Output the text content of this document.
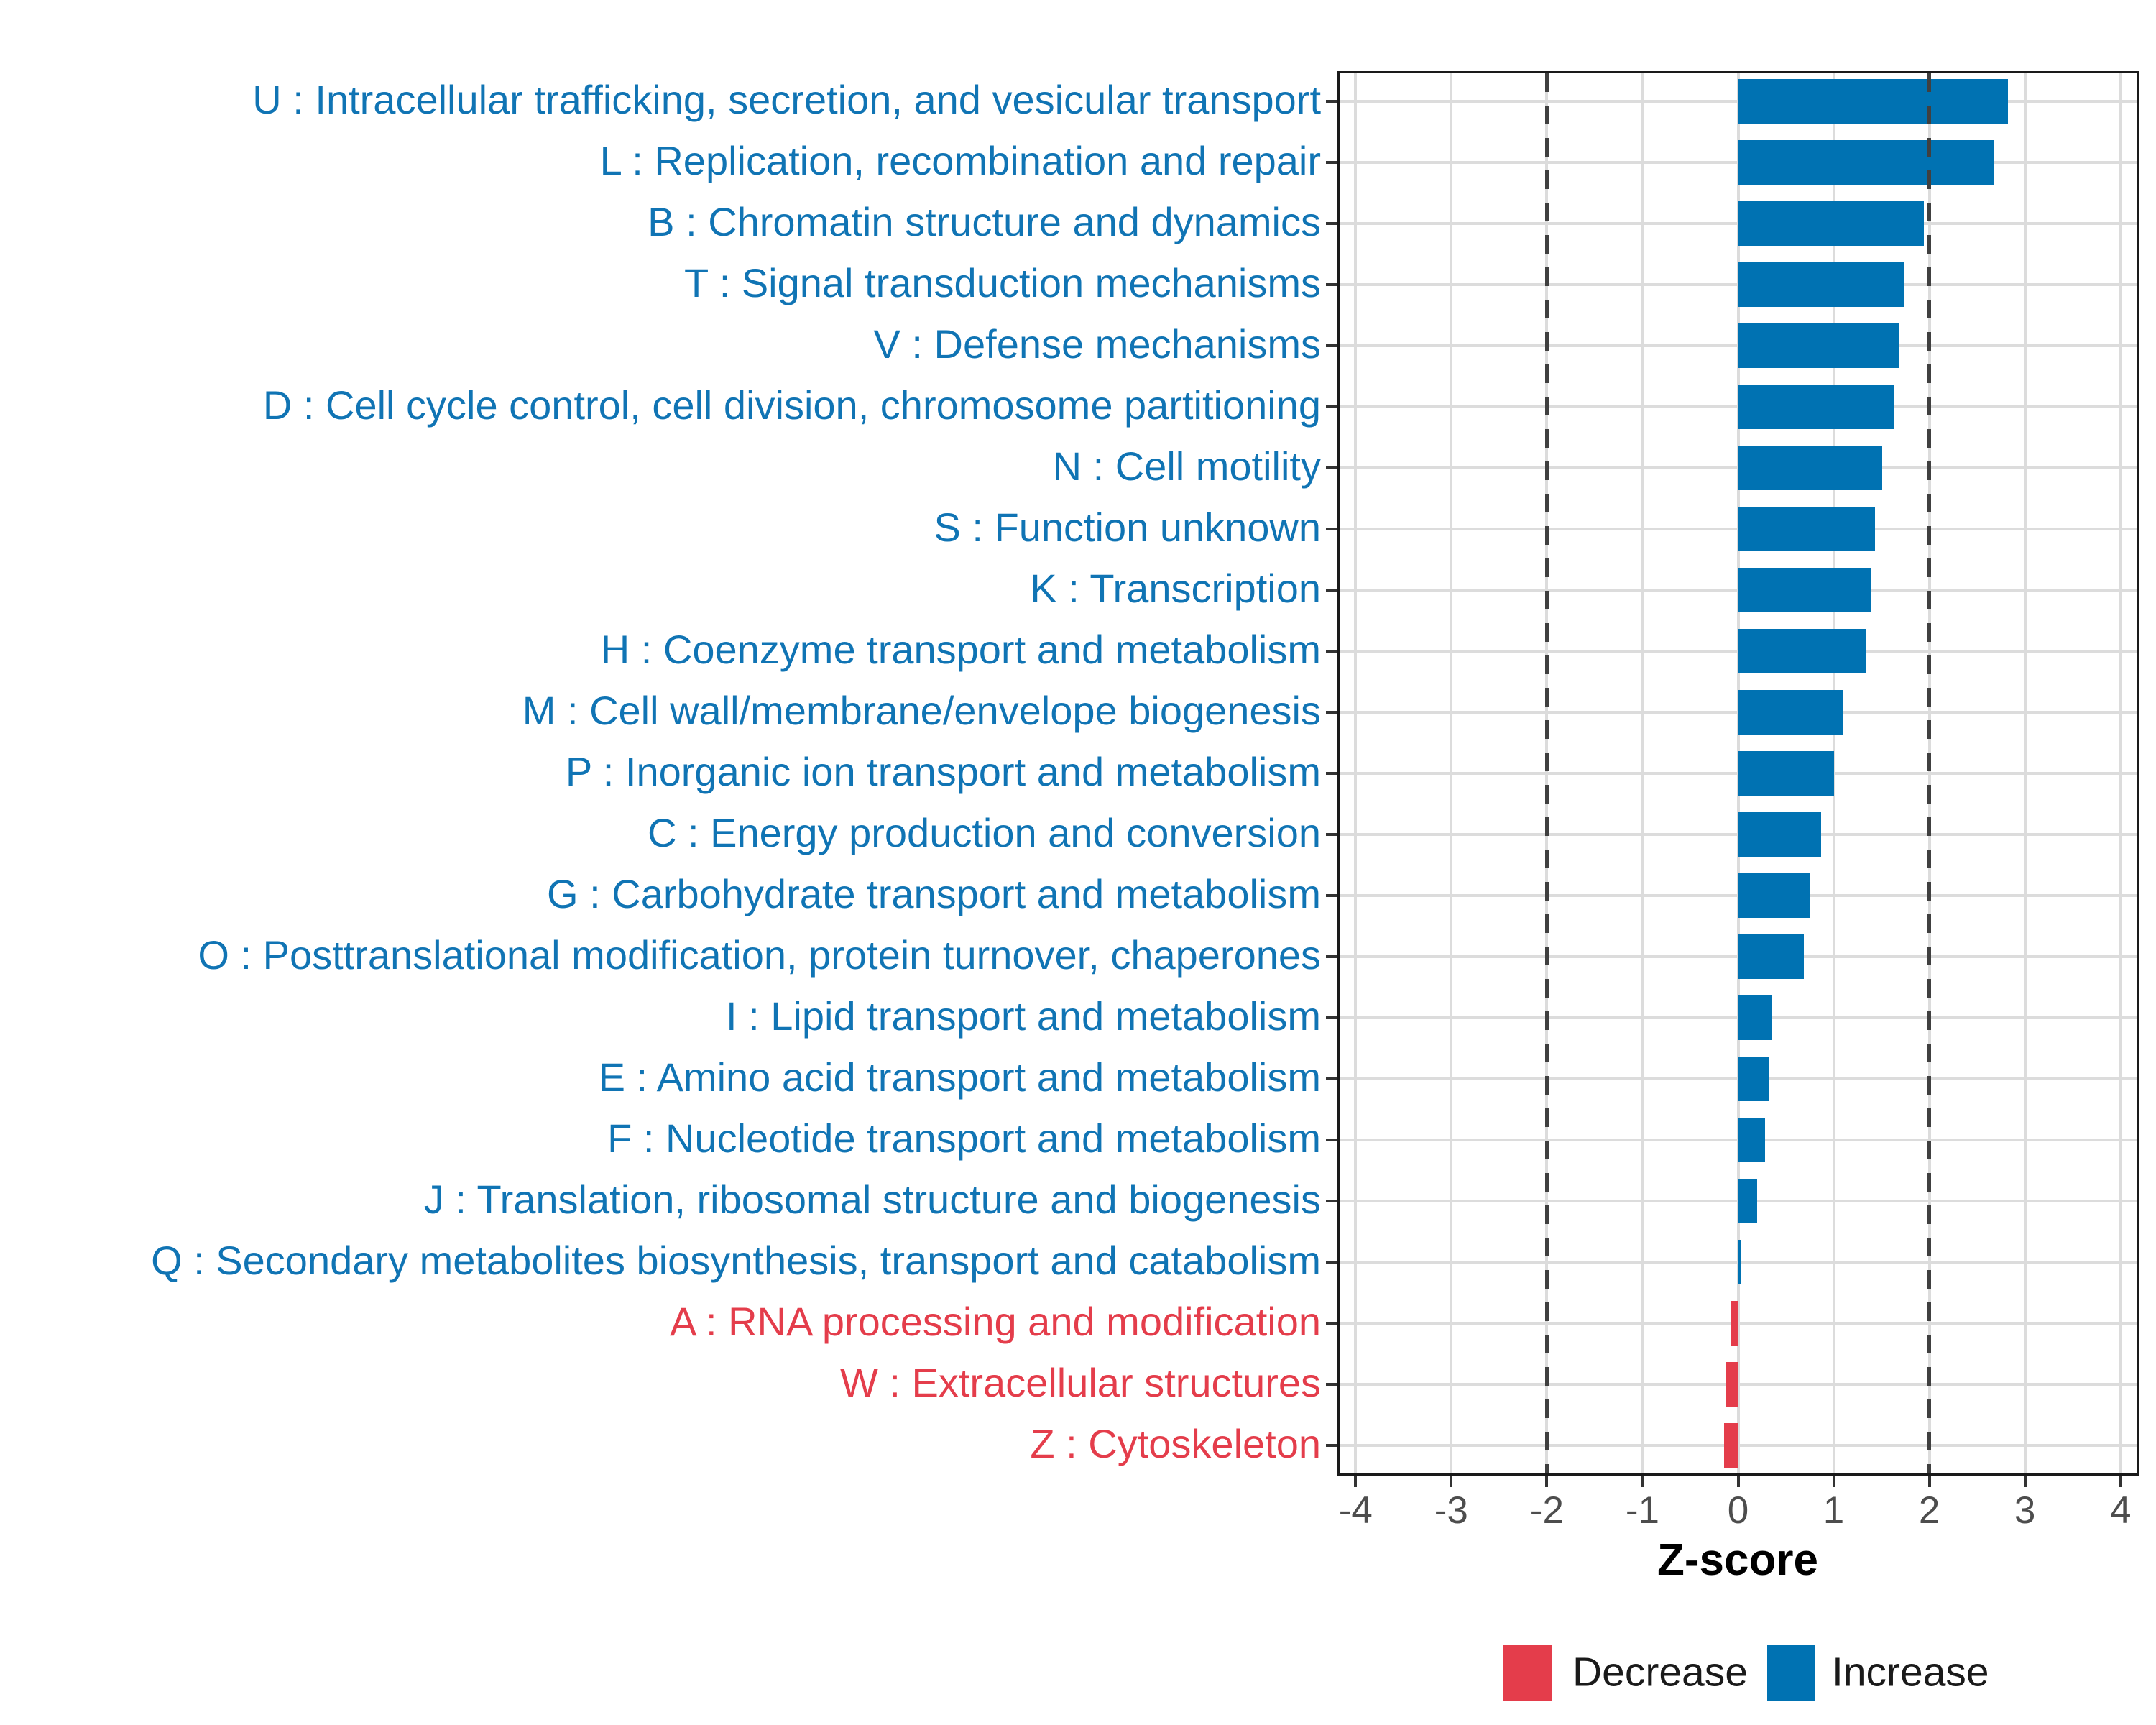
U : Intracellular trafficking, secretion, and vesicular transport
L : Replication, recombination and repair
B : Chromatin structure and dynamics
T : Signal transduction mechanisms
V : Defense mechanisms
D : Cell cycle control, cell division, chromosome partitioning
N : Cell motility
S : Function unknown
K : Transcription
H : Coenzyme transport and metabolism
M : Cell wall/membrane/envelope biogenesis
P : Inorganic ion transport and metabolism
C : Energy production and conversion
G : Carbohydrate transport and metabolism
O : Posttranslational modification, protein turnover, chaperones
I : Lipid transport and metabolism
E : Amino acid transport and metabolism
F : Nucleotide transport and metabolism
J : Translation, ribosomal structure and biogenesis
Q : Secondary metabolites biosynthesis, transport and catabolism
A : RNA processing and modification
W : Extracellular structures
Z : Cytoskeleton
-4 -3 -2 -1 0 1 2 3 4
Z-score
Decrease Increase
